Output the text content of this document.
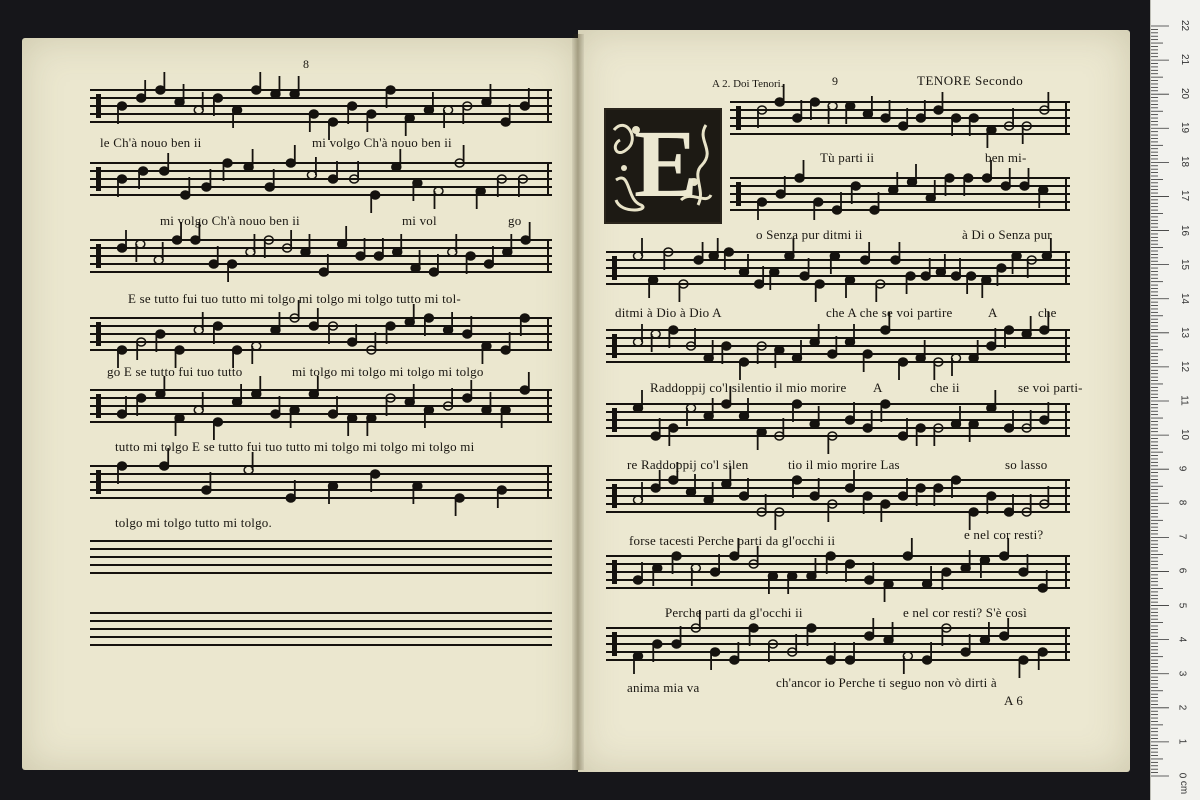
8
le Ch'à nouo ben ii	mi volgo Ch'à nouo ben ii
mi volgo Ch'à nouo ben ii	mi vol	go
E se tutto fui tuo tutto mi tolgo mi tolgo mi tolgo tutto mi tol-
go E se tutto fui tuo tutto	mi tolgo mi tolgo mi tolgo mi tolgo
tutto mi tolgo E se tutto fui tuo tutto mi tolgo mi tolgo mi tolgo mi
tolgo mi tolgo tutto mi tolgo.
A 2. Doi Tenori.	9	TENORE Secondo
E	Tù parti ii	ben mi-
o Senza pur ditmi ii	à Di o Senza pur
ditmi à Dio à Dio A	che A che se voi partire	A	che
Raddoppij co'l silentio il mio morire A	che ii	se voi parti-
re Raddoppij co'l silen	tio il mio morire Las	so lasso
forse tacesti Perche parti da gl'occhi ii	e nel cor resti?
Perche parti da gl'occhi ii	e nel cor resti? S'è così
anima mia va	ch'ancor io Perche ti seguo non vò dirti à
A 6
22
21
20
19
18
17
16
15
14
13
12
11
10
9
8
7
6
5
4
3
2
1
0
cm
